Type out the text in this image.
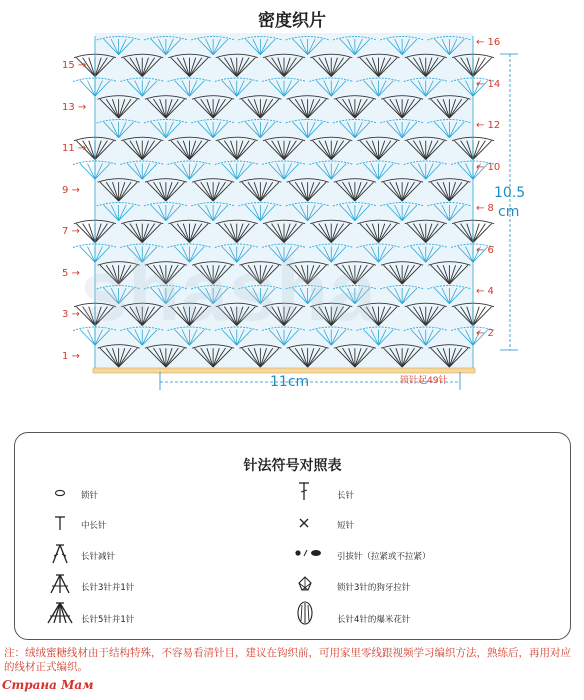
密度织片
shasha
15 →
13 →
11 →
9 →
7 →
5 →
3 →
1 →
← 16
← 14
← 12
← 10
← 8
← 6
← 4
← 2
10.5
cm
11cm	锁针起49针
针法符号对照表
锁针
中长针
长针减针
长针3针并1针
长针5针并1针
长针
短针
引拔针（拉紧或不拉紧）
锁针3针的狗牙拉针
长针4针的爆米花针
注：绒绒蜜糖线材由于结构特殊，不容易看清针目，建议在钩织前，可用家里零线跟视频学习编织方法，熟练后，再用对应的线材正式编织。
Страна Мам
